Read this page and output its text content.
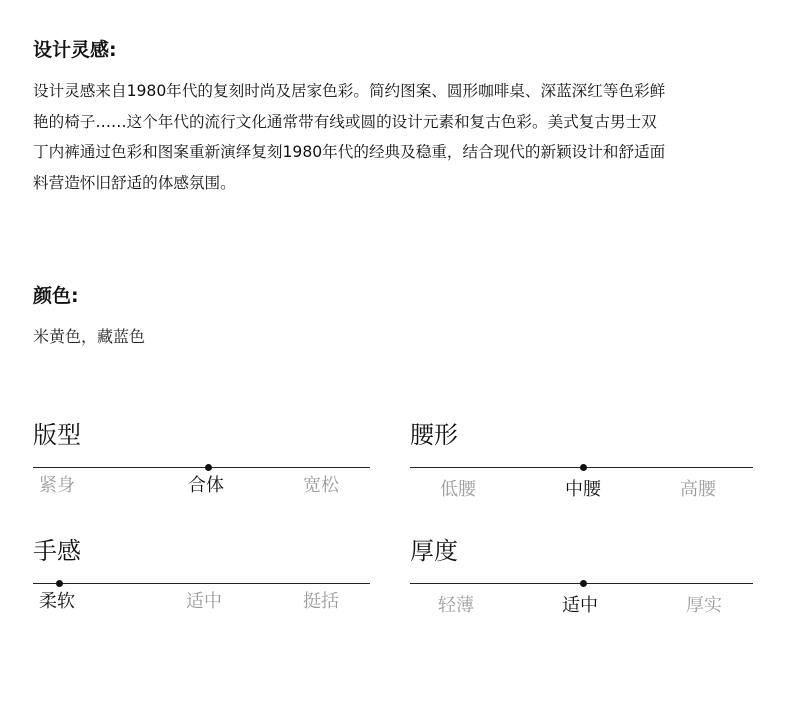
设计灵感:
设计灵感来自1980年代的复刻时尚及居家色彩。简约图案、圆形咖啡桌、深蓝深红等色彩鲜
艳的椅子……这个年代的流行文化通常带有线或圆的设计元素和复古色彩。美式复古男士双
丁内裤通过色彩和图案重新演绎复刻1980年代的经典及稳重，结合现代的新颖设计和舒适面
料营造怀旧舒适的体感氛围。
颜色:

米黄色，藏蓝色

版型
紧身	合体	宽松
腰形
低腰	中腰	高腰
手感
柔软	适中	挺括
厚度
轻薄	适中	厚实
